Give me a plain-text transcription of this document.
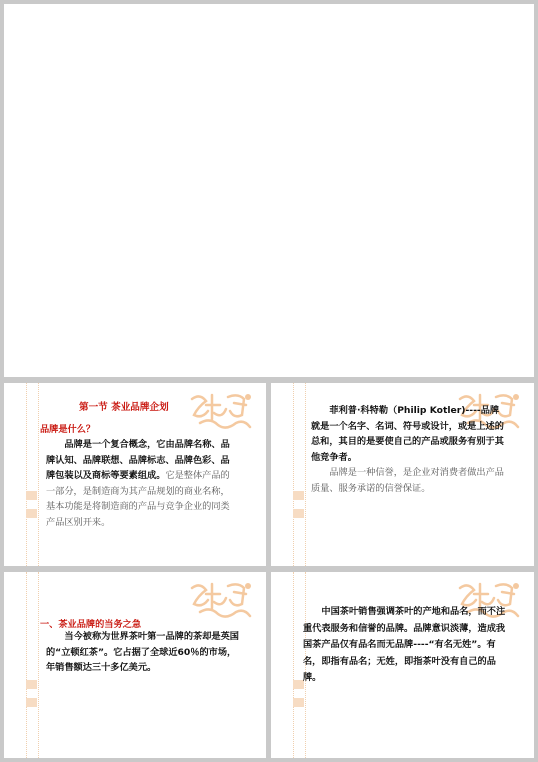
第一节 茶业品牌企划
品牌是什么？

品牌是一个复合概念，它由品牌名称、品牌认知、品牌联想、品牌标志、品牌色彩、品牌包装以及商标等要素组成。它是整体产品的一部分，是制造商为其产品规划的商业名称，基本功能是将制造商的产品与竞争企业的同类产品区别开来。

菲利普·科特勒（Philip Kotler)----品牌就是一个名字、名词、符号或设计，或是上述的总和，其目的是要使自己的产品或服务有别于其他竞争者。

品牌是一种信誉，是企业对消费者做出产品质量、服务承诺的信誉保证。

一、茶业品牌的当务之急

当今被称为世界茶叶第一品牌的茶却是英国的“立顿红茶”。它占据了全球近60％的市场，年销售额达三十多亿美元。

中国茶叶销售强调茶叶的产地和品名，而不注重代表服务和信誉的品牌。品牌意识淡薄，造成我国茶产品仅有品名而无品牌----“有名无姓”。有名，即指有品名；无姓，即指茶叶没有自己的品牌。
